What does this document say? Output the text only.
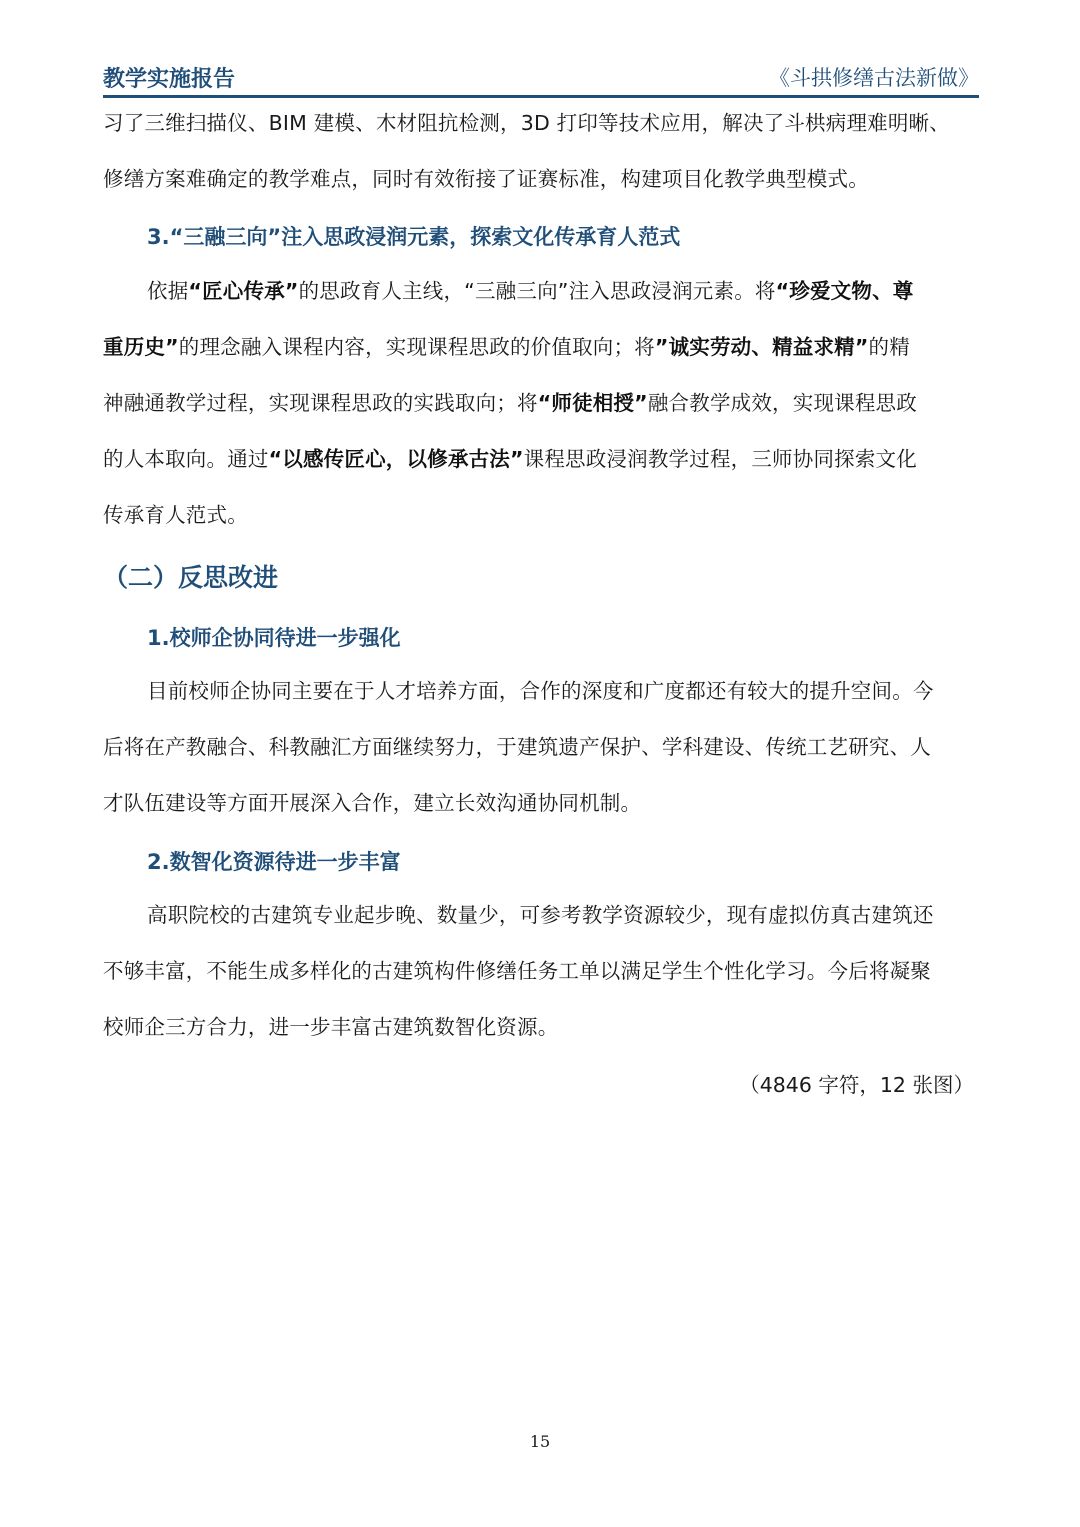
教学实施报告	《斗拱修缮古法新做》
习了三维扫描仪、BIM 建模、木材阻抗检测，3D 打印等技术应用，解决了斗栱病理难明晰、
修缮方案难确定的教学难点，同时有效衔接了证赛标准，构建项目化教学典型模式。
3.“三融三向”注入思政浸润元素，探索文化传承育人范式
依据“匠心传承”的思政育人主线，“三融三向”注入思政浸润元素。将“珍爱文物、尊
重历史”的理念融入课程内容，实现课程思政的价值取向；将”诚实劳动、精益求精”的精
神融通教学过程，实现课程思政的实践取向；将“师徒相授”融合教学成效，实现课程思政
的人本取向。通过“以感传匠心，以修承古法”课程思政浸润教学过程，三师协同探索文化
传承育人范式。
（二）反思改进
1.校师企协同待进一步强化
目前校师企协同主要在于人才培养方面，合作的深度和广度都还有较大的提升空间。今
后将在产教融合、科教融汇方面继续努力，于建筑遗产保护、学科建设、传统工艺研究、人
才队伍建设等方面开展深入合作，建立长效沟通协同机制。
2.数智化资源待进一步丰富
高职院校的古建筑专业起步晚、数量少，可参考教学资源较少，现有虚拟仿真古建筑还
不够丰富，不能生成多样化的古建筑构件修缮任务工单以满足学生个性化学习。今后将凝聚
校师企三方合力，进一步丰富古建筑数智化资源。
（4846 字符，12 张图）
15
